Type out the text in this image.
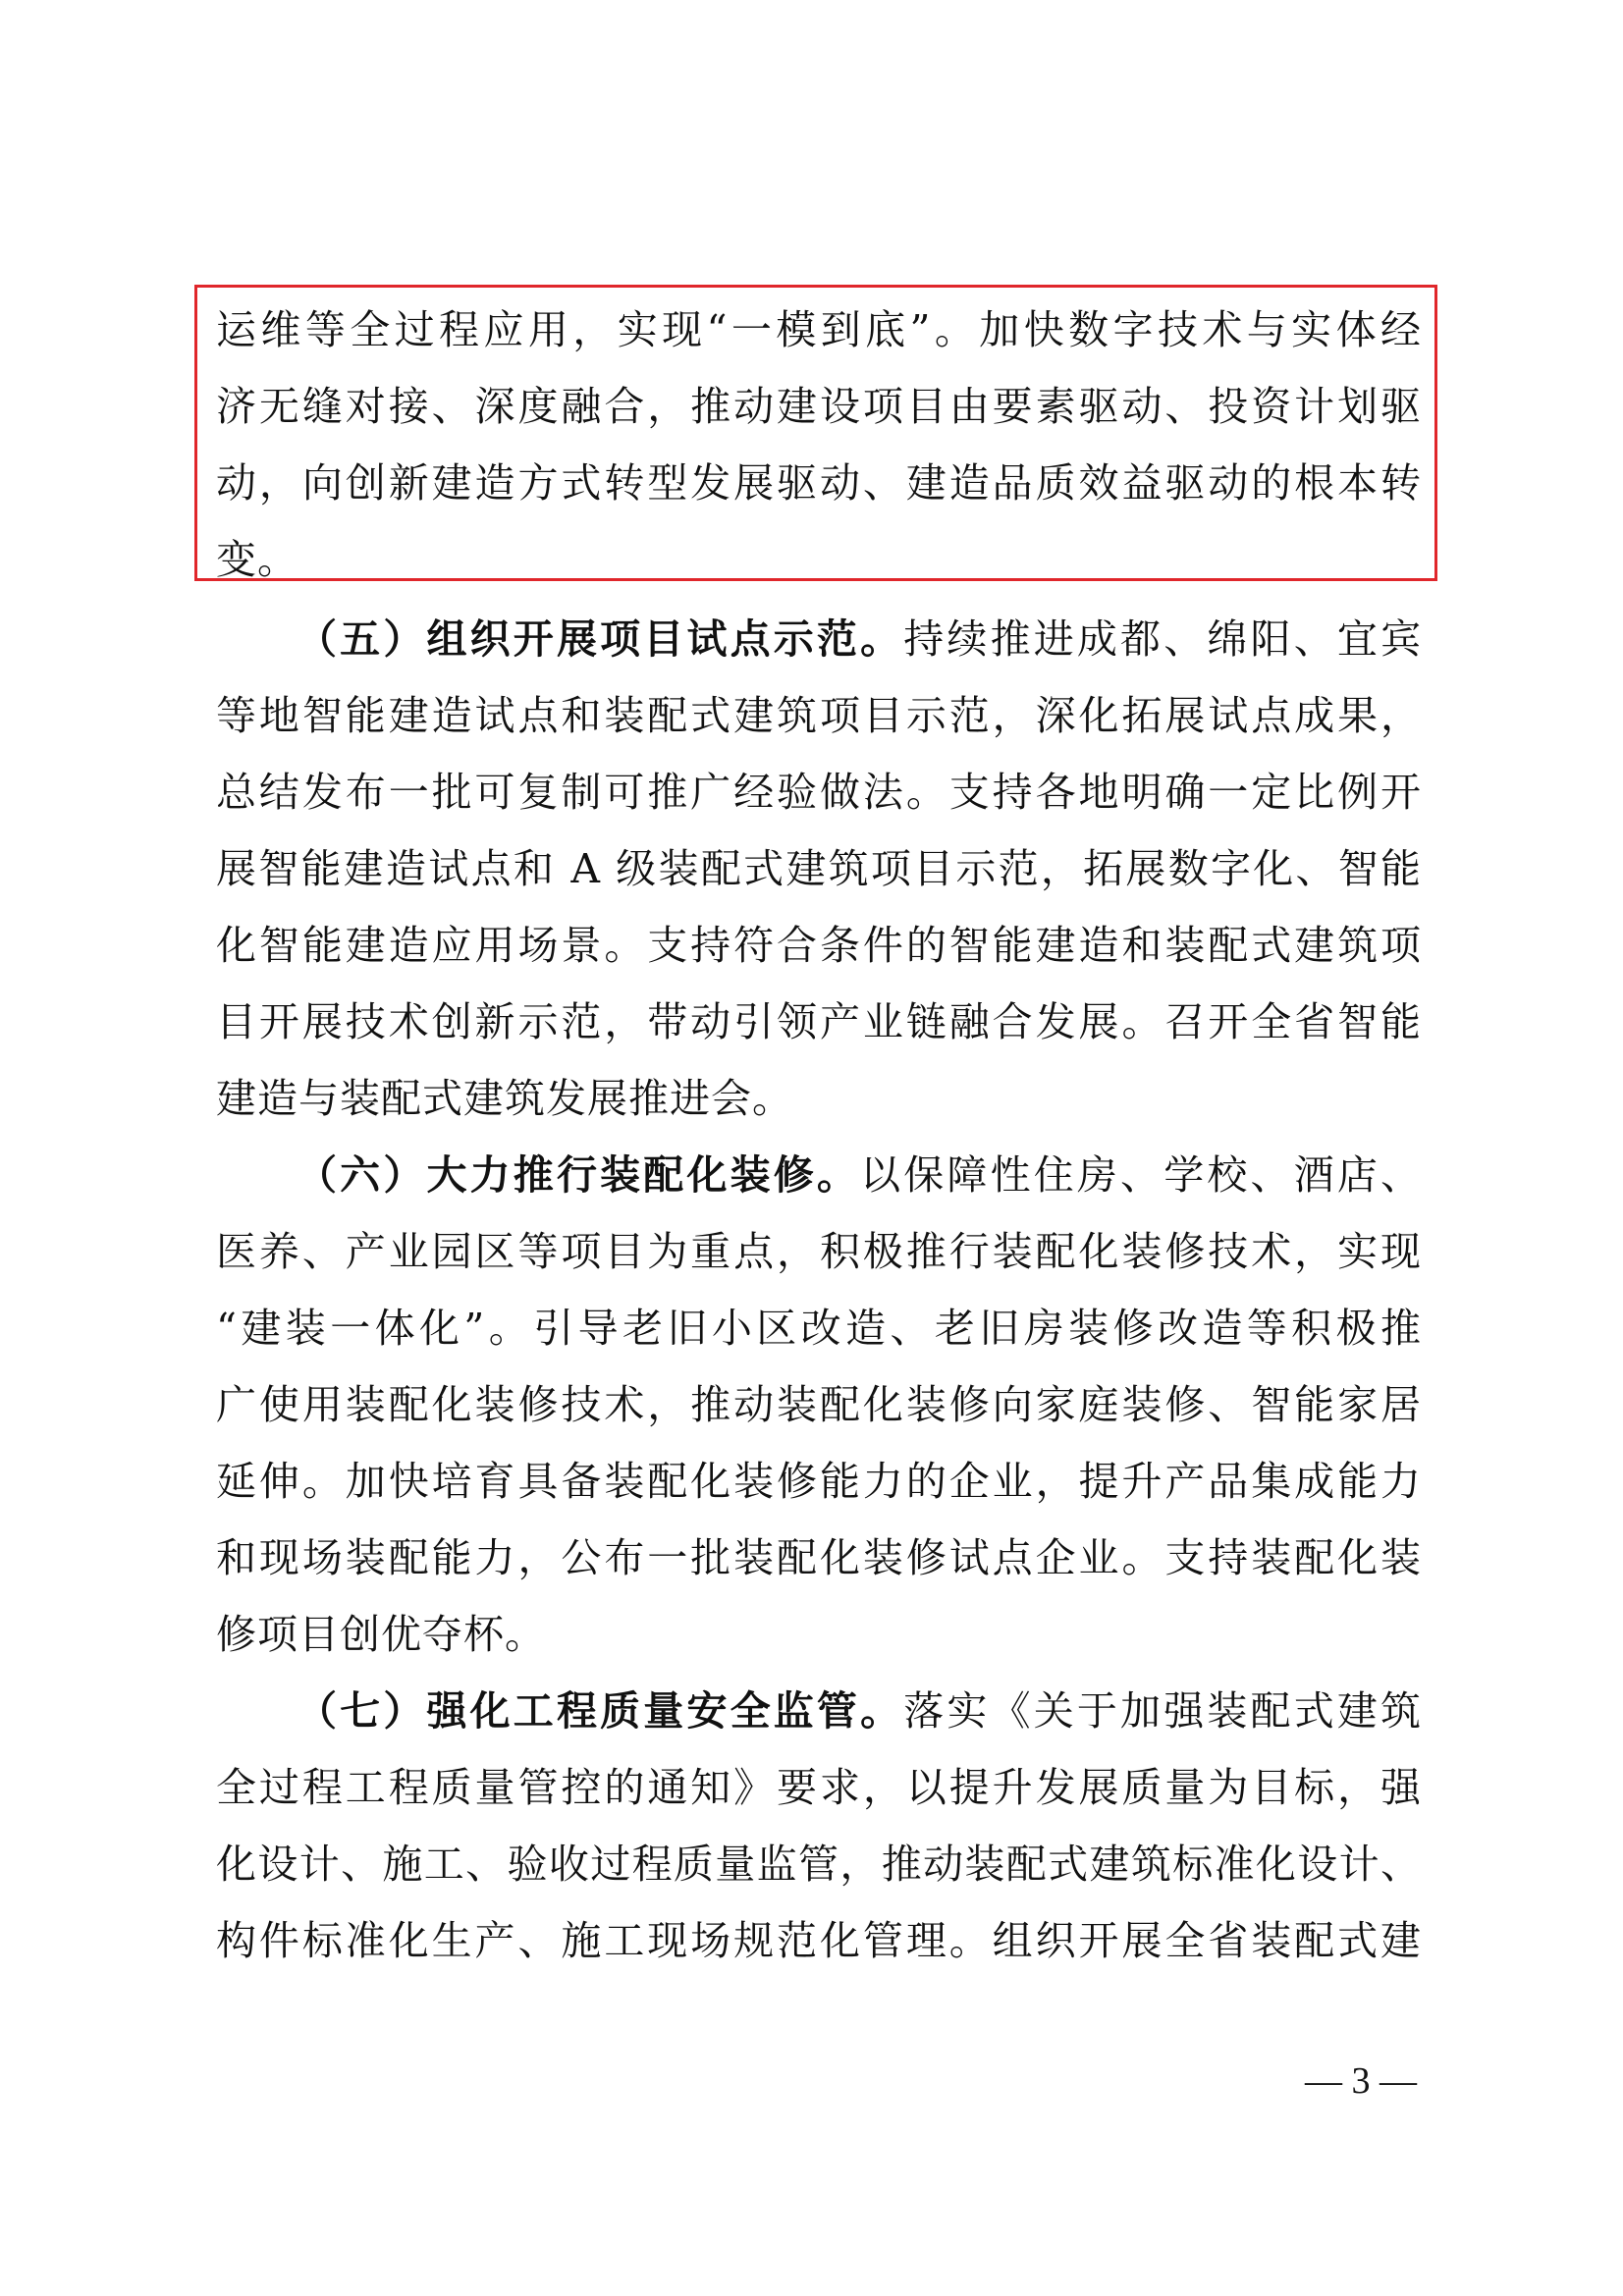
运维等全过程应用，实现“一模到底”。加快数字技术与实体经
济无缝对接、深度融合，推动建设项目由要素驱动、投资计划驱
动，向创新建造方式转型发展驱动、建造品质效益驱动的根本转
变。
（五）组织开展项目试点示范。持续推进成都、绵阳、宜宾
等地智能建造试点和装配式建筑项目示范，深化拓展试点成果，
总结发布一批可复制可推广经验做法。支持各地明确一定比例开
展智能建造试点和 A 级装配式建筑项目示范，拓展数字化、智能
化智能建造应用场景。支持符合条件的智能建造和装配式建筑项
目开展技术创新示范，带动引领产业链融合发展。召开全省智能
建造与装配式建筑发展推进会。
（六）大力推行装配化装修。以保障性住房、学校、酒店、
医养、产业园区等项目为重点，积极推行装配化装修技术，实现
“建装一体化”。引导老旧小区改造、老旧房装修改造等积极推
广使用装配化装修技术，推动装配化装修向家庭装修、智能家居
延伸。加快培育具备装配化装修能力的企业，提升产品集成能力
和现场装配能力，公布一批装配化装修试点企业。支持装配化装
修项目创优夺杯。
（七）强化工程质量安全监管。落实《关于加强装配式建筑
全过程工程质量管控的通知》要求，以提升发展质量为目标，强
化设计、施工、验收过程质量监管，推动装配式建筑标准化设计、
构件标准化生产、施工现场规范化管理。组织开展全省装配式建
— 3 —
